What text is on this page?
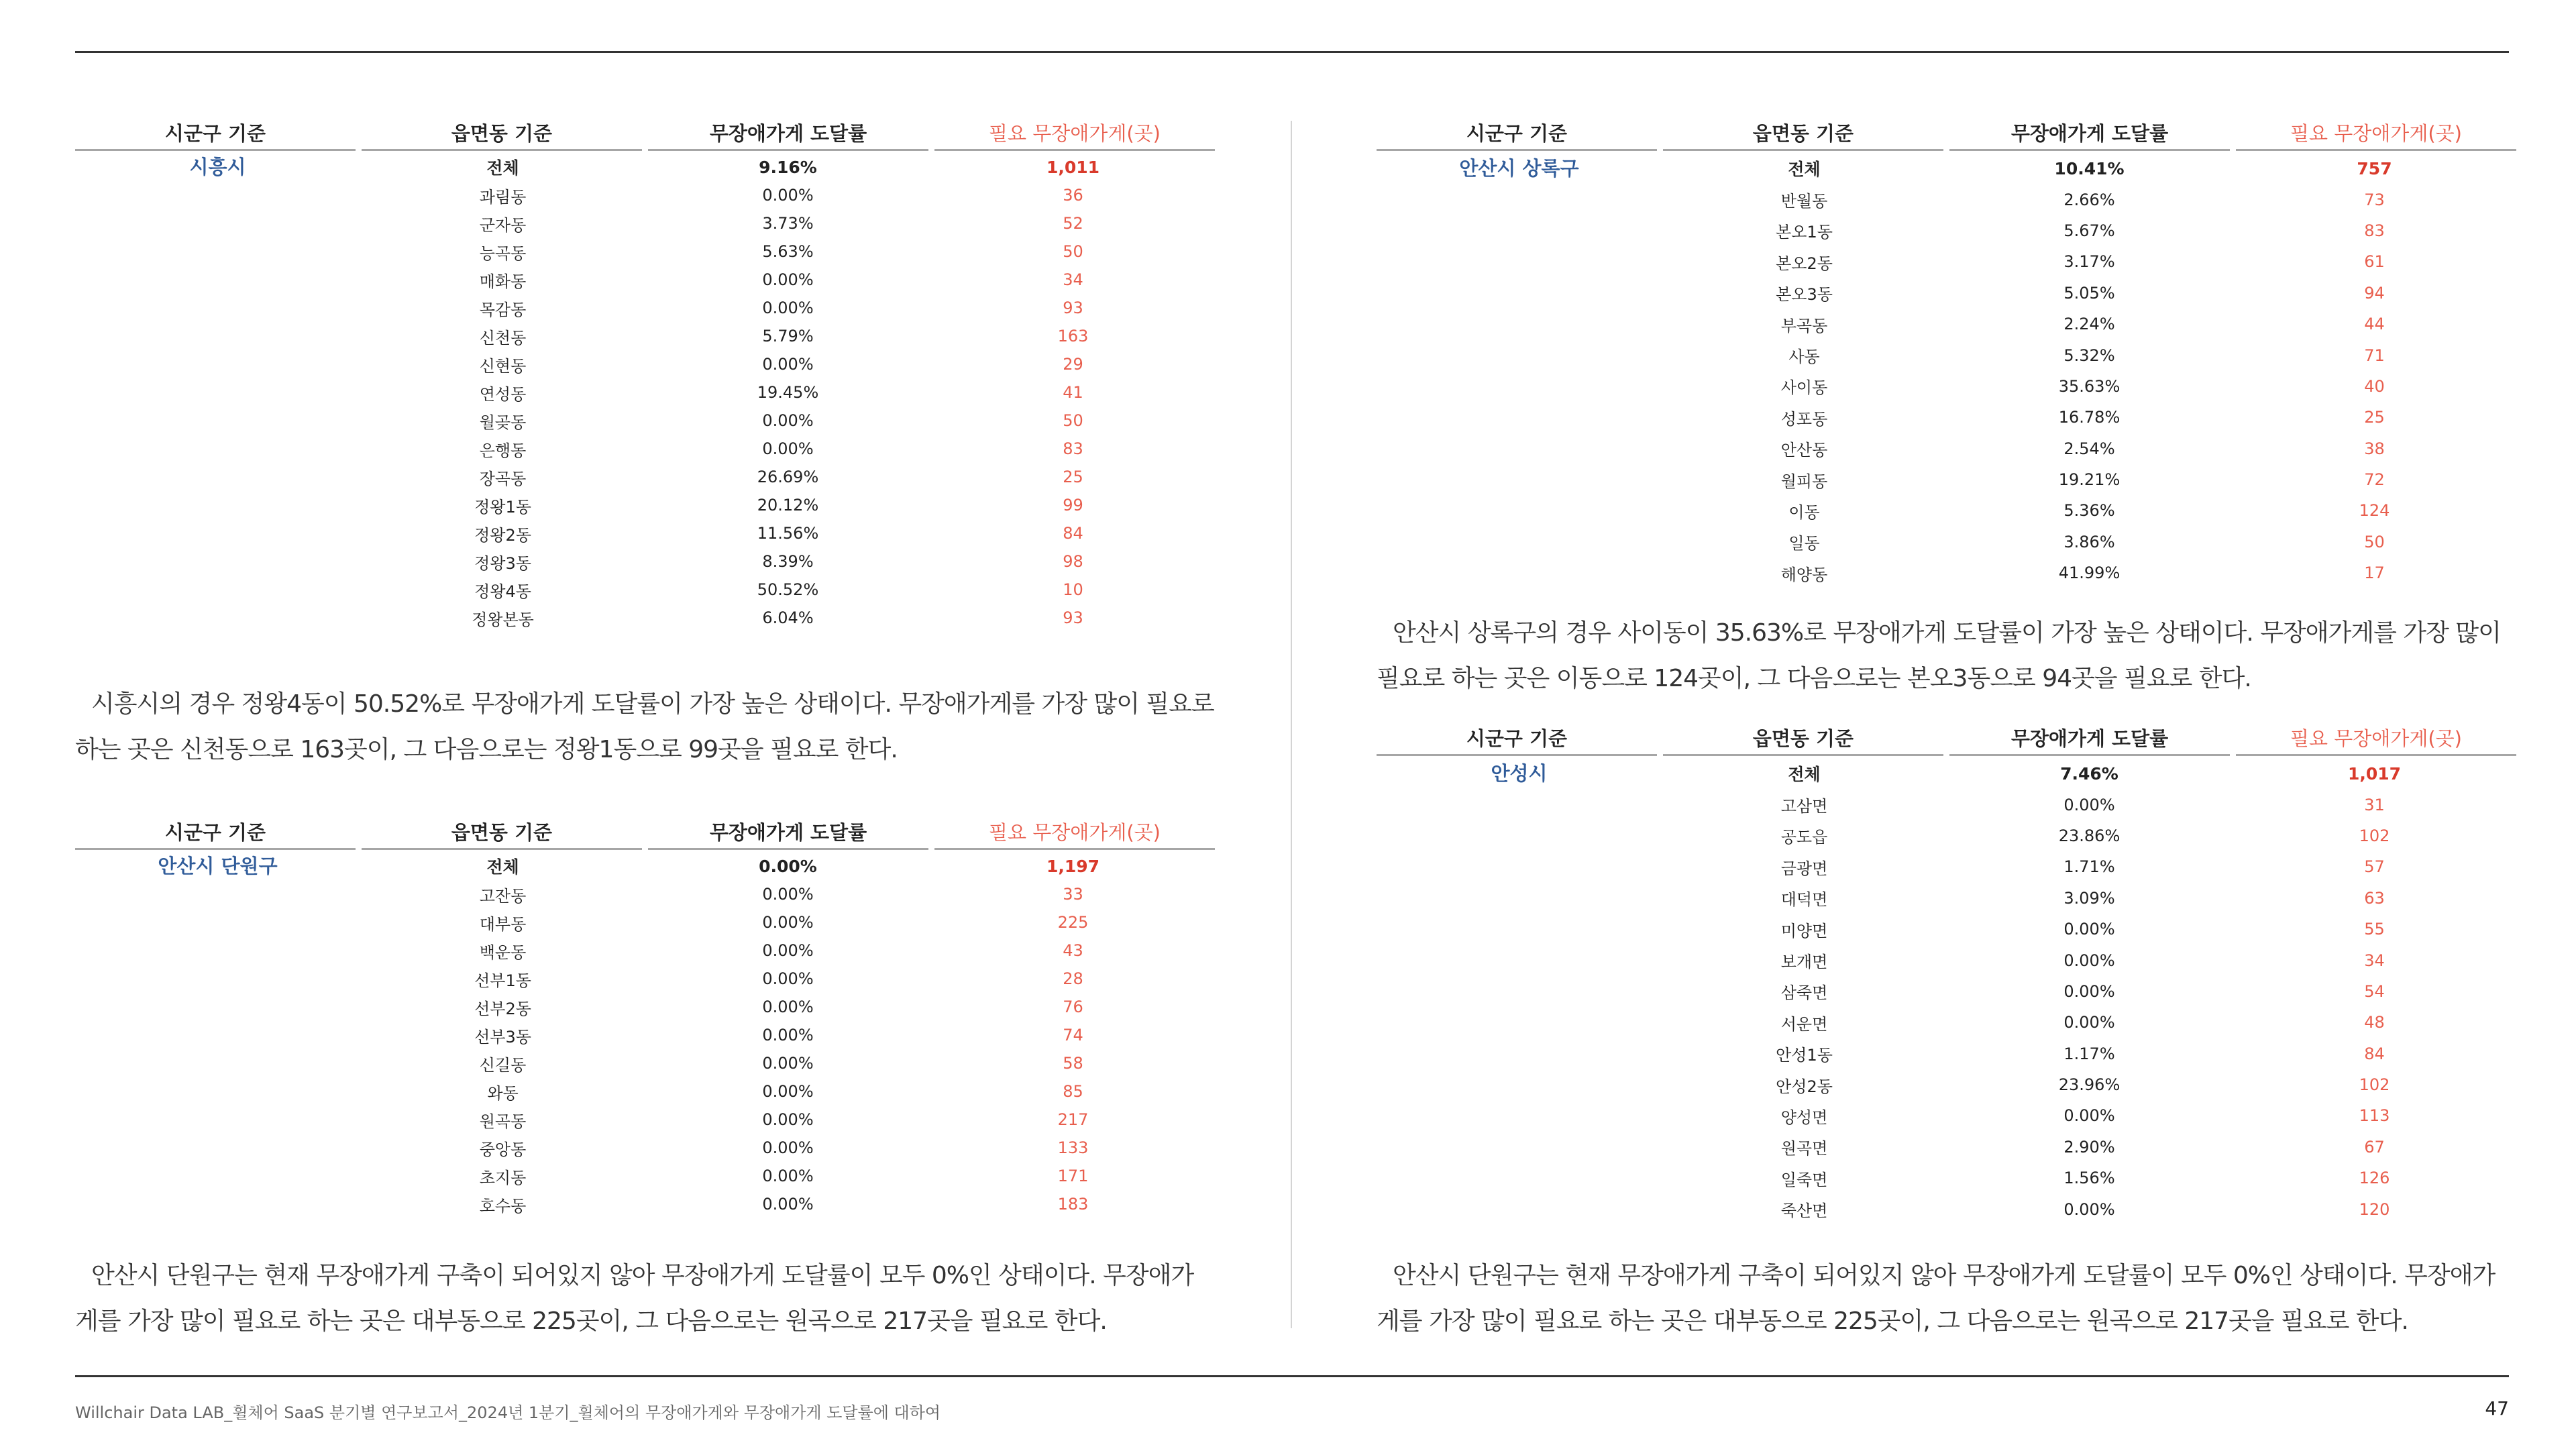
시군구 기준	읍면동 기준	무장애가게 도달률	필요 무장애가게(곳)
시흥시	전체	9.16%	1,011
과림동	0.00%	36
군자동	3.73%	52
능곡동	5.63%	50
매화동	0.00%	34
목감동	0.00%	93
신천동	5.79%	163
신현동	0.00%	29
연성동	19.45%	41
월곶동	0.00%	50
은행동	0.00%	83
장곡동	26.69%	25
정왕1동	20.12%	99
정왕2동	11.56%	84
정왕3동	8.39%	98
정왕4동	50.52%	10
정왕본동	6.04%	93
시흥시의 경우 정왕4동이 50.52%로 무장애가게 도달률이 가장 높은 상태이다. 무장애가게를 가장 많이 필요로 하는 곳은 신천동으로 163곳이, 그 다음으로는 정왕1동으로 99곳을 필요로 한다.
시군구 기준	읍면동 기준	무장애가게 도달률	필요 무장애가게(곳)
안산시 단원구	전체	0.00%	1,197
고잔동	0.00%	33
대부동	0.00%	225
백운동	0.00%	43
선부1동	0.00%	28
선부2동	0.00%	76
선부3동	0.00%	74
신길동	0.00%	58
와동	0.00%	85
원곡동	0.00%	217
중앙동	0.00%	133
초지동	0.00%	171
호수동	0.00%	183
안산시 단원구는 현재 무장애가게 구축이 되어있지 않아 무장애가게 도달률이 모두 0%인 상태이다. 무장애가게를 가장 많이 필요로 하는 곳은 대부동으로 225곳이, 그 다음으로는 원곡으로 217곳을 필요로 한다.
시군구 기준	읍면동 기준	무장애가게 도달률	필요 무장애가게(곳)
안산시 상록구	전체	10.41%	757
반월동	2.66%	73
본오1동	5.67%	83
본오2동	3.17%	61
본오3동	5.05%	94
부곡동	2.24%	44
사동	5.32%	71
사이동	35.63%	40
성포동	16.78%	25
안산동	2.54%	38
월피동	19.21%	72
이동	5.36%	124
일동	3.86%	50
해양동	41.99%	17
안산시 상록구의 경우 사이동이 35.63%로 무장애가게 도달률이 가장 높은 상태이다. 무장애가게를 가장 많이 필요로 하는 곳은 이동으로 124곳이, 그 다음으로는 본오3동으로 94곳을 필요로 한다.
시군구 기준	읍면동 기준	무장애가게 도달률	필요 무장애가게(곳)
안성시	전체	7.46%	1,017
고삼면	0.00%	31
공도읍	23.86%	102
금광면	1.71%	57
대덕면	3.09%	63
미양면	0.00%	55
보개면	0.00%	34
삼죽면	0.00%	54
서운면	0.00%	48
안성1동	1.17%	84
안성2동	23.96%	102
양성면	0.00%	113
원곡면	2.90%	67
일죽면	1.56%	126
죽산면	0.00%	120
안산시 단원구는 현재 무장애가게 구축이 되어있지 않아 무장애가게 도달률이 모두 0%인 상태이다. 무장애가게를 가장 많이 필요로 하는 곳은 대부동으로 225곳이, 그 다음으로는 원곡으로 217곳을 필요로 한다.
Willchair Data LAB_휠체어 SaaS 분기별 연구보고서_2024년 1분기_휠체어의 무장애가게와 무장애가게 도달률에 대하여	47
